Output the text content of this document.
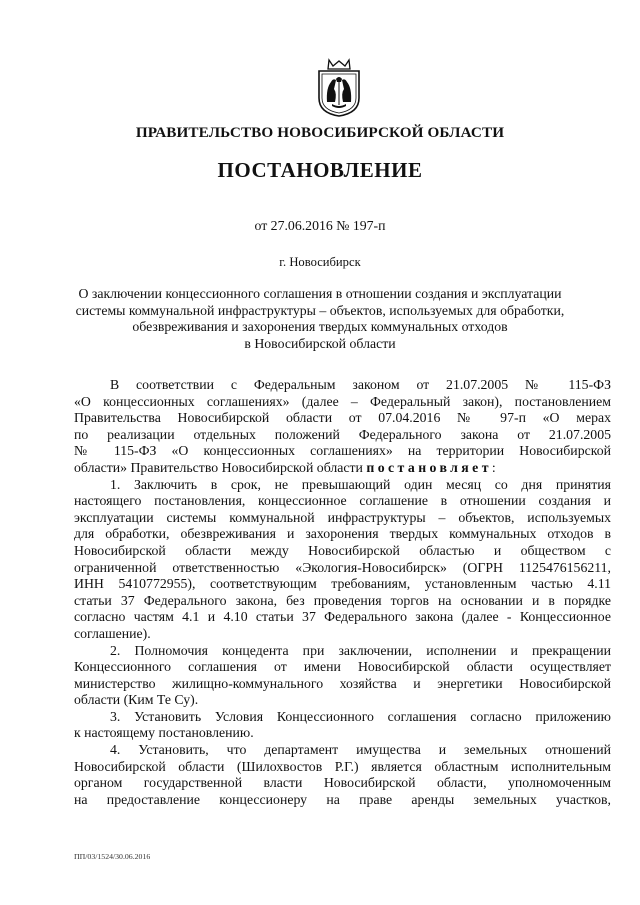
ПРАВИТЕЛЬСТВО НОВОСИБИРСКОЙ ОБЛАСТИ
ПОСТАНОВЛЕНИЕ
от 27.06.2016 № 197-п
г. Новосибирск
О заключении концессионного соглашения в отношении создания и эксплуатации
системы коммунальной инфраструктуры – объектов, используемых для обработки,
обезвреживания и захоронения твердых коммунальных отходов
в Новосибирской области
В соответствии с Федеральным законом от 21.07.2005 № 115-ФЗ
«О концессионных соглашениях» (далее – Федеральный закон), постановлением
Правительства Новосибирской области от 07.04.2016 № 97-п «О мерах
по реализации отдельных положений Федерального закона от 21.07.2005
№ 115-ФЗ «О концессионных соглашениях» на территории Новосибирской
области» Правительство Новосибирской области постановляет:
1. Заключить в срок, не превышающий один месяц со дня принятия
настоящего постановления, концессионное соглашение в отношении создания и
эксплуатации системы коммунальной инфраструктуры – объектов, используемых
для обработки, обезвреживания и захоронения твердых коммунальных отходов в
Новосибирской области между Новосибирской областью и обществом с
ограниченной ответственностью «Экология-Новосибирск» (ОГРН 1125476156211,
ИНН 5410772955), соответствующим требованиям, установленным частью 4.11
статьи 37 Федерального закона, без проведения торгов на основании и в порядке
согласно частям 4.1 и 4.10 статьи 37 Федерального закона (далее - Концессионное
соглашение).
2. Полномочия концедента при заключении, исполнении и прекращении
Концессионного соглашения от имени Новосибирской области осуществляет
министерство жилищно-коммунального хозяйства и энергетики Новосибирской
области (Ким Те Су).
3. Установить Условия Концессионного соглашения согласно приложению
к настоящему постановлению.
4. Установить, что департамент имущества и земельных отношений
Новосибирской области (Шилохвостов Р.Г.) является областным исполнительным
органом государственной власти Новосибирской области, уполномоченным
на предоставление концессионеру на праве аренды земельных участков,
ПП/03/1524/30.06.2016
